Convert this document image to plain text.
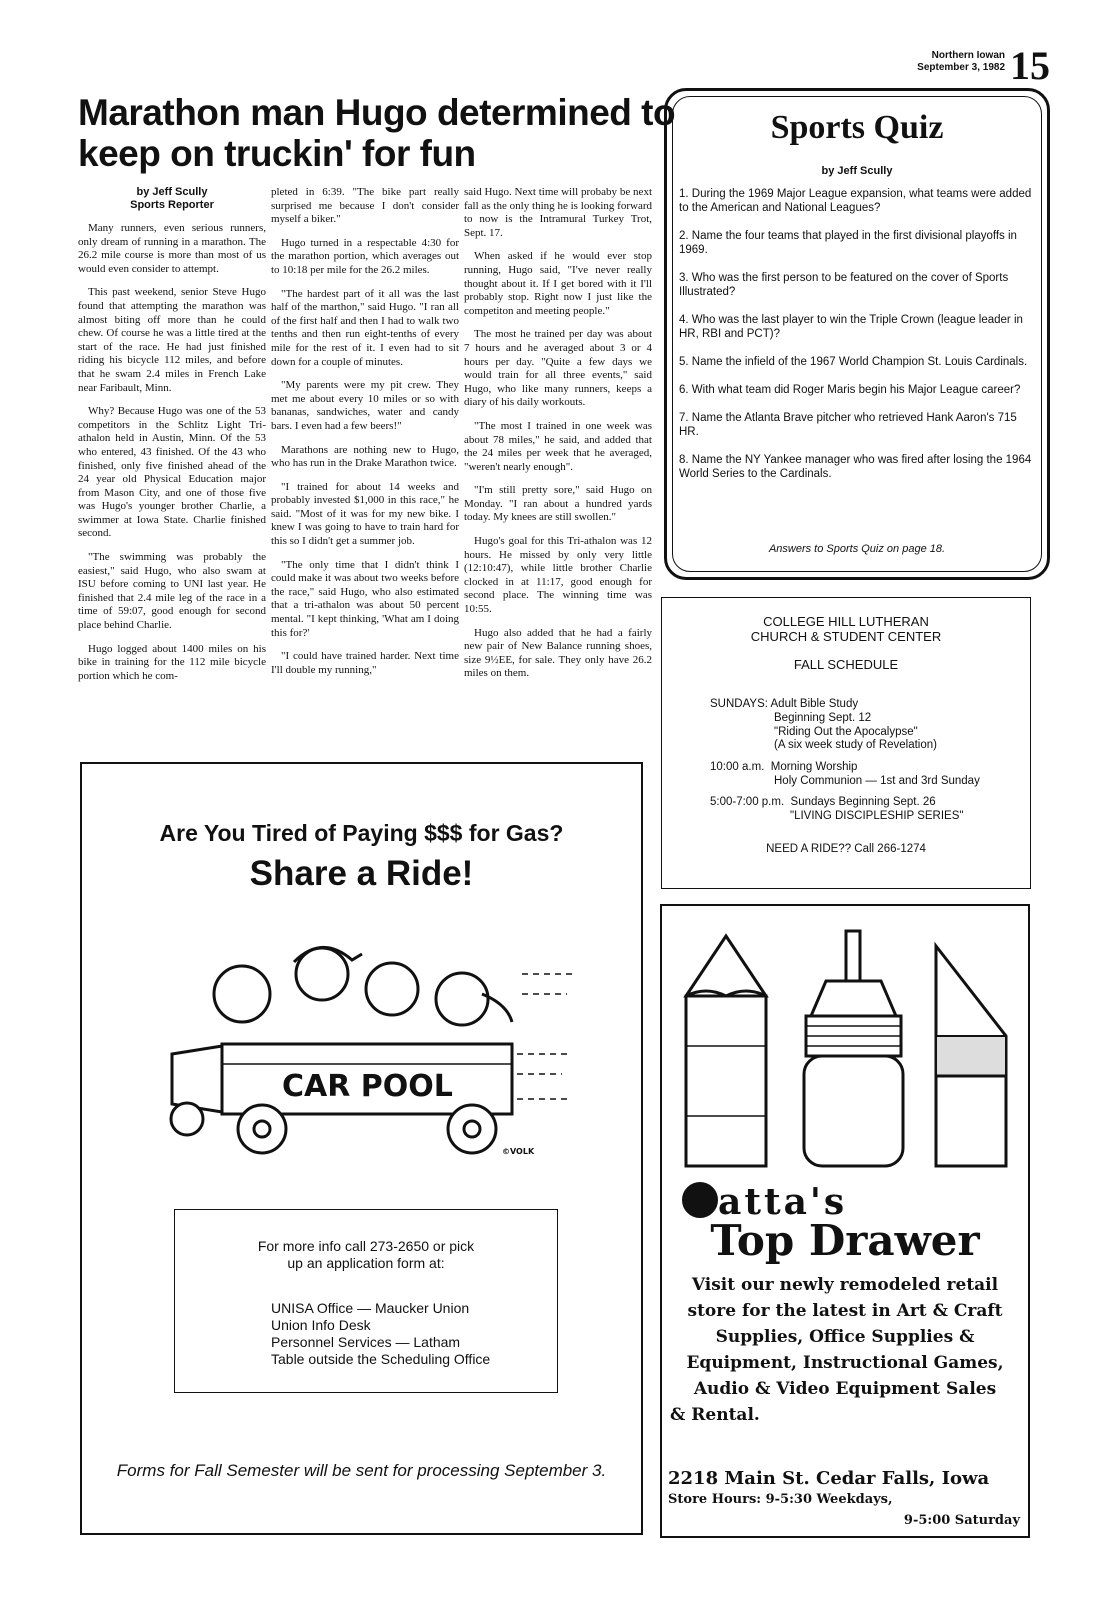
Northern Iowan
September 3, 1982 15
Marathon man Hugo determined to keep on truckin' for fun
by Jeff Scully
Sports Reporter

Many runners, even serious runners, only dream of running in a marathon. The 26.2 mile course is more than most of us would even consider to attempt.

This past weekend, senior Steve Hugo found that attempting the marathon was almost biting off more than he could chew. Of course he was a little tired at the start of the race. He had just finished riding his bicycle 112 miles, and before that he swam 2.4 miles in French Lake near Faribault, Minn.

Why? Because Hugo was one of the 53 competitors in the Schlitz Light Tri-athalon held in Austin, Minn. Of the 53 who entered, 43 finished. Of the 43 who finished, only five finished ahead of the 24 year old Physical Education major from Mason City, and one of those five was Hugo's younger brother Charlie, a swimmer at Iowa State. Charlie finished second.

"The swimming was probably the easiest," said Hugo, who also swam at ISU before coming to UNI last year. He finished that 2.4 mile leg of the race in a time of 59:07, good enough for second place behind Charlie.

Hugo logged about 1400 miles on his bike in training for the 112 mile bicycle portion which he com-

pleted in 6:39. "The bike part really surprised me because I don't consider myself a biker."

Hugo turned in a respectable 4:30 for the marathon portion, which averages out to 10:18 per mile for the 26.2 miles.

"The hardest part of it all was the last half of the marthon," said Hugo. "I ran all of the first half and then I had to walk two tenths and then run eight-tenths of every mile for the rest of it. I even had to sit down for a couple of minutes.

"My parents were my pit crew. They met me about every 10 miles or so with bananas, sandwiches, water and candy bars. I even had a few beers!"

Marathons are nothing new to Hugo, who has run in the Drake Marathon twice.

"I trained for about 14 weeks and probably invested $1,000 in this race," he said. "Most of it was for my new bike. I knew I was going to have to train hard for this so I didn't get a summer job.

"The only time that I didn't think I could make it was about two weeks before the race," said Hugo, who also estimated that a tri-athalon was about 50 percent mental. "I kept thinking, 'What am I doing this for?'

"I could have trained harder. Next time I'll double my running,"

said Hugo. Next time will probaby be next fall as the only thing he is looking forward to now is the Intramural Turkey Trot, Sept. 17.

When asked if he would ever stop running, Hugo said, "I've never really thought about it. If I get bored with it I'll probably stop. Right now I just like the competiton and meeting people."

The most he trained per day was about 7 hours and he averaged about 3 or 4 hours per day. "Quite a few days we would train for all three events," said Hugo, who like many runners, keeps a diary of his daily workouts.

"The most I trained in one week was about 78 miles," he said, and added that the 24 miles per week that he averaged, "weren't nearly enough".

"I'm still pretty sore," said Hugo on Monday. "I ran about a hundred yards today. My knees are still swollen."

Hugo's goal for this Tri-athalon was 12 hours. He missed by only very little (12:10:47), while little brother Charlie clocked in at 11:17, good enough for second place. The winning time was 10:55.

Hugo also added that he had a fairly new pair of New Balance running shoes, size 9½EE, for sale. They only have 26.2 miles on them.

Sports Quiz
by Jeff Scully
1. During the 1969 Major League expansion, what teams were added to the American and National Leagues?
2. Name the four teams that played in the first divisional playoffs in 1969.
3. Who was the first person to be featured on the cover of Sports Illustrated?
4. Who was the last player to win the Triple Crown (league leader in HR, RBI and PCT)?
5. Name the infield of the 1967 World Champion St. Louis Cardinals.
6. With what team did Roger Maris begin his Major League career?
7. Name the Atlanta Brave pitcher who retrieved Hank Aaron's 715 HR.
8. Name the NY Yankee manager who was fired after losing the 1964 World Series to the Cardinals.
Answers to Sports Quiz on page 18.
COLLEGE HILL LUTHERAN
CHURCH & STUDENT CENTER
FALL SCHEDULE
SUNDAYS: Adult Bible Study
Beginning Sept. 12
"Riding Out the Apocalypse"
(A six week study of Revelation)
10:00 a.m. Morning Worship
Holy Communion — 1st and 3rd Sunday
5:00-7:00 p.m. Sundays Beginning Sept. 26
"LIVING DISCIPLESHIP SERIES"
NEED A RIDE?? Call 266-1274
Are You Tired of Paying $$$ for Gas?
Share a Ride!
CAR POOL
©VOLK
For more info call 273-2650 or pick
up an application form at:
UNISA Office — Maucker Union
Union Info Desk
Personnel Services — Latham
Table outside the Scheduling Office
Forms for Fall Semester will be sent for processing September 3.
atta's
Top Drawer
Visit our newly remodeled retail
store for the latest in Art & Craft
Supplies, Office Supplies &
Equipment, Instructional Games,
Audio & Video Equipment Sales
& Rental.
2218 Main St. Cedar Falls, Iowa
Store Hours: 9-5:30 Weekdays,
9-5:00 Saturday
